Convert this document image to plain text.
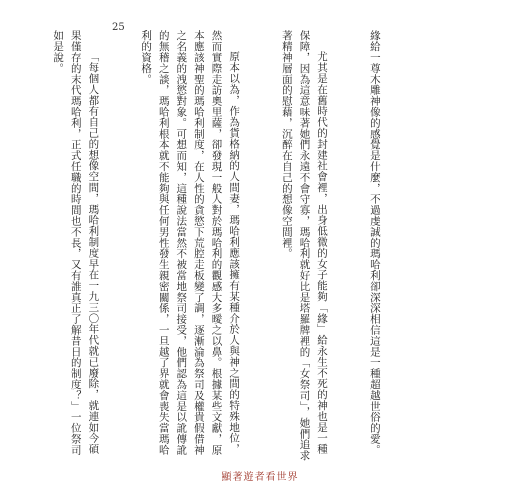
25

緣給一尊木雕神像的感覺是什麼，不過虔誠的瑪哈利卻深深相信這是一種超越世俗的愛。

尤其是在舊時代的封建社會裡，出身低微的女子能夠「緣」給永生不死的神也是一種保障，因為這意味著她們永遠不會守寡，瑪哈利就好比是塔羅牌裡的「女祭司」，她們追求著精神層面的慰藉，沉醉在自己的想像空間裡。

原本以為，作為貨格納的人間妻，瑪哈利應該擁有某種介於人與神之間的特殊地位，然而實際走訪奧里薩，卻發現一般人對於瑪哈利的觀感大多曖之以鼻。根據某些文獻，原本應該神聖的瑪哈利制度，在人性的貪慾下荒腔走板變了調，逐漸淪為祭司及權貴假借神之名義的洩慾對象。可想而知，這種說法當然不被當地祭司接受，他們認為這是以訛傳訛的無稽之談，瑪哈利根本就不能夠與任何男性發生親密關係，一旦越了界就會喪失當瑪哈利的資格。

「每個人都有自己的想像空間，瑪哈利制度早在一九三〇年代就已廢除，就連如今碩果僅存的末代瑪哈利，正式任職的時間也不長，又有誰真正了解昔日的制度？」一位祭司如是說。

顯著遊者看世界
